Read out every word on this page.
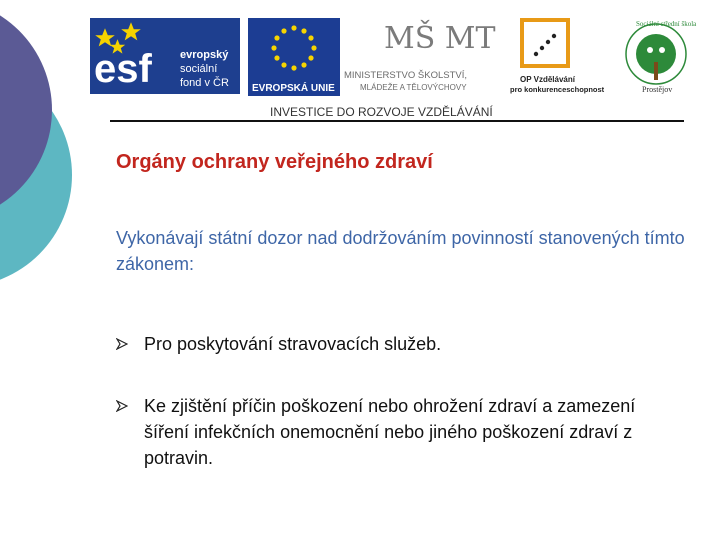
esf	evropský
sociální
fond v ČR EVROPSKÁ UNIE
MŠ MT
MINISTERSTVO ŠKOLSTVÍ,
MLÁDEŽE A TĚLOVÝCHOVY
OP Vzdělávání
pro konkurenceschopnost
Sociální střední škola
Prostějov
INVESTICE DO ROZVOJE VZDĚLÁVÁNÍ
Orgány ochrany veřejného zdraví
Vykonávají státní dozor nad dodržováním povinností stanovených tímto zákonem:
Pro poskytování stravovacích služeb.
Ke zjištění příčin poškození nebo ohrožení zdraví a zamezení šíření infekčních onemocnění nebo jiného poškození zdraví z potravin.
